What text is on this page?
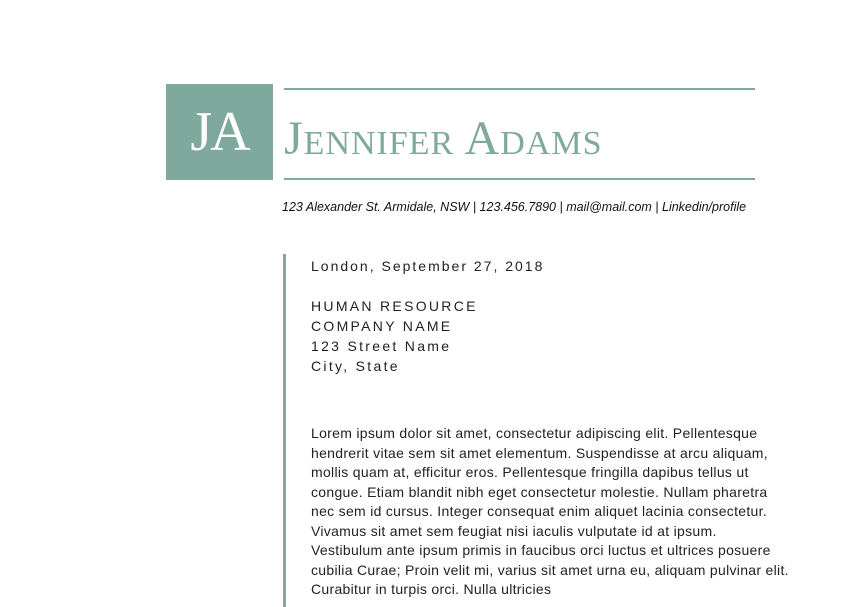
JA Jennifer Adams
123 Alexander St. Armidale, NSW | 123.456.7890 | mail@mail.com | Linkedin/profile
London, September 27, 2018
HUMAN RESOURCE
COMPANY NAME
123 Street Name
City, State
Lorem ipsum dolor sit amet, consectetur adipiscing elit. Pellentesque hendrerit vitae sem sit amet elementum. Suspendisse at arcu aliquam, mollis quam at, efficitur eros. Pellentesque fringilla dapibus tellus ut congue. Etiam blandit nibh eget consectetur molestie. Nullam pharetra nec sem id cursus. Integer consequat enim aliquet lacinia consectetur. Vivamus sit amet sem feugiat nisi iaculis vulputate id at ipsum. Vestibulum ante ipsum primis in faucibus orci luctus et ultrices posuere cubilia Curae; Proin velit mi, varius sit amet urna eu, aliquam pulvinar elit. Curabitur in turpis orci. Nulla ultricies
